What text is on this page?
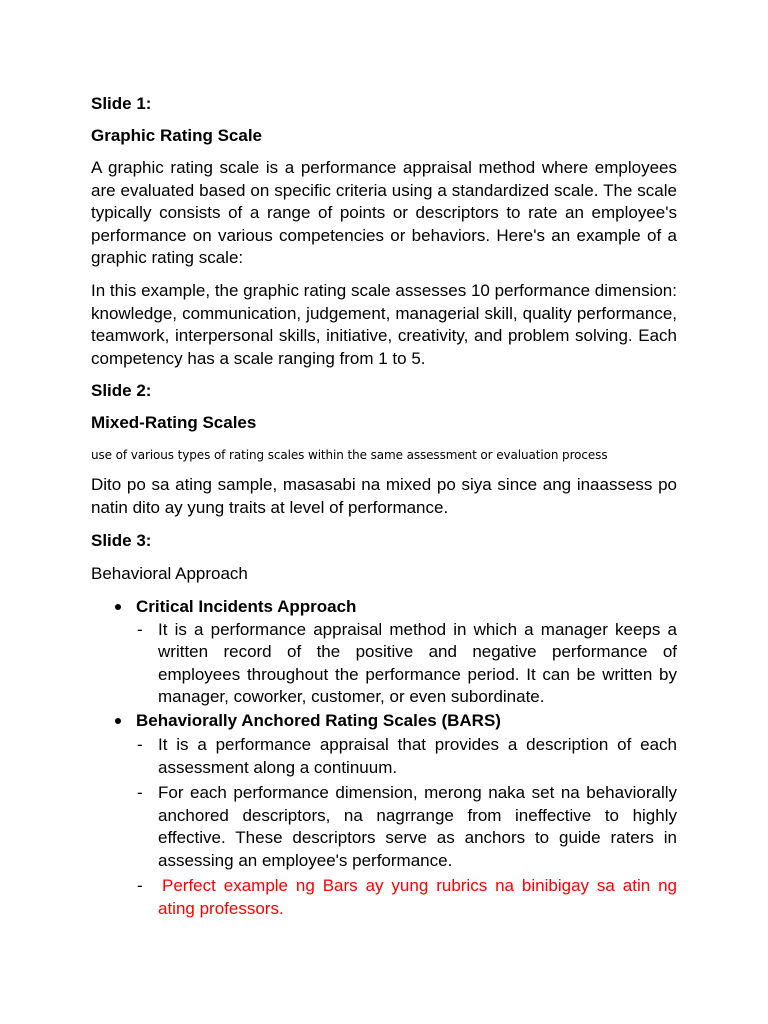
Slide 1:

Graphic Rating Scale

A graphic rating scale is a performance appraisal method where employees are evaluated based on specific criteria using a standardized scale. The scale typically consists of a range of points or descriptors to rate an employee's performance on various competencies or behaviors. Here's an example of a graphic rating scale:

In this example, the graphic rating scale assesses 10 performance dimension: knowledge, communication, judgement, managerial skill, quality performance, teamwork, interpersonal skills, initiative, creativity, and problem solving. Each competency has a scale ranging from 1 to 5.

Slide 2:

Mixed-Rating Scales

use of various types of rating scales within the same assessment or evaluation process

Dito po sa ating sample, masasabi na mixed po siya since ang inaassess po natin dito ay yung traits at level of performance.

Slide 3:

Behavioral Approach

Critical Incidents Approach

- It is a performance appraisal method in which a manager keeps a written record of the positive and negative performance of employees throughout the performance period. It can be written by manager, coworker, customer, or even subordinate.

Behaviorally Anchored Rating Scales (BARS)

- It is a performance appraisal that provides a description of each assessment along a continuum.
- For each performance dimension, merong naka set na behaviorally anchored descriptors, na nagrrange from ineffective to highly effective. These descriptors serve as anchors to guide raters in assessing an employee's performance.
- Perfect example ng Bars ay yung rubrics na binibigay sa atin ng ating professors.
